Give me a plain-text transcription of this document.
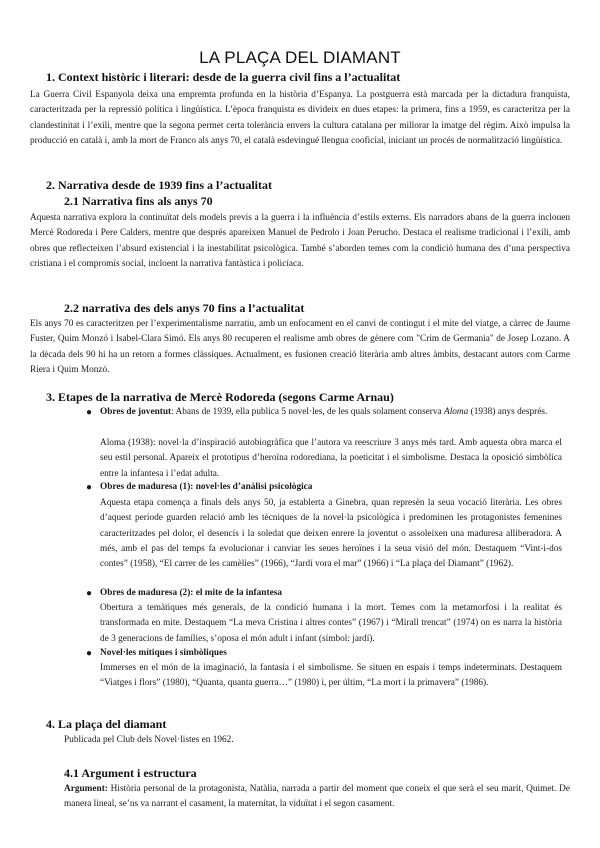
LA PLAÇA DEL DIAMANT
1. Context històric i literari: desde de la guerra civil fins a l’actualitat
La Guerra Civil Espanyola deixa una empremta profunda en la història d’Espanya. La postguerra està marcada per la dictadura franquista, caracteritzada per la repressió política i lingüística. L’època franquista es divideix en dues etapes: la primera, fins a 1959, es caracteritza per la clandestinitat i l’exili, mentre que la segona permet certa tolerància envers la cultura catalana per millorar la imatge del règim. Això impulsa la producció en català i, amb la mort de Franco als anys 70, el català esdevingué llengua cooficial, iniciant un procés de normalització lingüística.
2. Narrativa desde de 1939 fins a l’actualitat
2.1 Narrativa fins als anys 70
Aquesta narrativa explora la continuïtat dels models previs a la guerra i la influència d’estils externs. Els narradors abans de la guerra inclouen Mercè Rodoreda i Pere Calders, mentre que després apareixen Manuel de Pedrolo i Joan Perucho. Destaca el realisme tradicional i l’exili, amb obres que reflecteixen l’absurd existencial i la inestabilitat psicològica. També s’aborden temes com la condició humana des d’una perspectiva cristiana i el compromís social, incloent la narrativa fantàstica i policíaca.
2.2 narrativa des dels anys 70 fins a l’actualitat
Els anys 70 es caracteritzen per l’experimentalisme narratiu, amb un enfocament en el canvi de contingut i el mite del viatge, a càrrec de Jaume Fuster, Quim Monzó i Isabel-Clara Simó. Els anys 80 recuperen el realisme amb obres de gènere com "Crim de Germania" de Josep Lozano. A la dècada dels 90 hi ha un retorn a formes clàssiques. Actualment, es fusionen creació literària amb altres àmbits, destacant autors com Carme Riera i Quim Monzó.
3. Etapes de la narrativa de Mercè Rodoreda (segons Carme Arnau)
● Obres de joventut: Abans de 1939, ella publica 5 novel·les, de les quals solament conserva Aloma (1938) anys després.
Aloma (1938): novel·la d’inspiració autobiogràfica que l’autora va reescriure 3 anys més tard. Amb aquesta obra marca el seu estil personal. Apareix el prototipus d’heroïna rodorediana, la poeticitat i el simbolisme. Destaca la oposició simbòlica entre la infantesa i l’edat adulta.
● Obres de maduresa (1): novel·les d’anàlisi psicològica
Aquesta etapa comença a finals dels anys 50, ja establerta a Ginebra, quan represèn la seua vocació literària. Les obres d’aquest període guarden relació amb les tècniques de la novel·la psicològica i predominen les protagonistes femenines caracteritzades pel dolor, el desencís i la soledat que deixen enrere la joventut o assoleixen una maduresa alliberadora. A més, amb el pas del temps fa evolucionar i canviar les seues heroïnes i la seua visió del món. Destaquem “Vint-i-dos contes” (1958), “El carrer de les camèlies” (1966), “Jardí vora el mar” (1966) i “La plaça del Diamant” (1962).
● Obres de maduresa (2): el mite de la infantesa
Obertura a temàtiques més generals, de la condició humana i la mort. Temes com la metamorfosi i la realitat és transformada en mite. Destaquem “La meva Cristina i altres contes” (1967) i “Mirall trencat” (1974) on es narra la història de 3 generacions de famílies, s’oposa el món adult i infant (símbol: jardí).
● Novel·les mítiques i simbòliques
Immerses en el món de la imaginació, la fantasia i el simbolisme. Se situen en espais i temps indeterminats. Destaquem “Viatges i flors” (1980), “Quanta, quanta guerra…” (1980) i, per últim, “La mort i la primavera” (1986).
4. La plaça del diamant
Publicada pel Club dels Novel·listes en 1962.
4.1 Argument i estructura
Argument: Història personal de la protagonista, Natàlia, narrada a partir del moment que coneix el que serà el seu marit, Quimet. De manera lineal, se’ns va narrant el casament, la maternitat, la viduïtat i el segon casament.
